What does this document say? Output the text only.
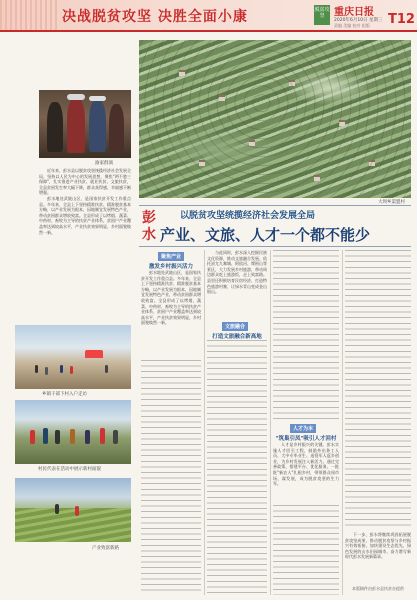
决战脱贫攻坚 决胜全面小康	脱贫攻坚 重庆日报
2020年6月10日 星期三
责编 美编 校对 组版 T12
渝家群演

近年来，彭水县以脱贫攻坚统揽经济社会发展全局，坚持以人民为中心的发展思想，聚焦"两不愁三保障"，扎实推进产业扶贫、就业扶贫、文旅扶贫，全县贫困发生率大幅下降，群众获得感、幸福感不断增强。

彭水地处武陵山区，是国家扶贫开发工作重点县。多年来，全县上下坚持精准扶贫、精准脱贫基本方略，以产业发展为根本，因地制宜发展特色产业，带动贫困群众增收致富。全县形成了以烤烟、蔬菜、中药材、畜牧为主导的扶贫产业体系，贫困户产业覆盖率达到较高水平，产业扶贫效果明显，乡村面貌焕然一新。

大坝乡渠盟村
彭
水
以脱贫攻坚统揽经济社会发展全局
产业、文旅、人才一个都不能少
聚焦产业
激发乡村振兴活力

彭水地处武陵山区，是国家扶贫开发工作重点县。多年来，全县上下坚持精准扶贫、精准脱贫基本方略，以产业发展为根本，因地制宜发展特色产业，带动贫困群众增收致富。全县形成了以烤烟、蔬菜、中药材、畜牧为主导的扶贫产业体系，贫困户产业覆盖率达到较高水平，产业扶贫效果明显，乡村面貌焕然一新。

与此同时，彭水深入挖掘民族文化资源，推动文旅融合发展。依托蚩尤九黎城、阿依河、摩围山等景区，大力发展乡村旅游，带动周边群众吃上旅游饭，走上致富路。县里还积极培育民宿经济，打造特色旅游村寨，让绿水青山变成金山银山。

文旅融合
打造文旅融合新高地
人才为本
"筑巢引凤"吸引人才回村

人才是乡村振兴的关键。彭水实施人才回引工程，鼓励外出务工人员、大中专毕业生、退役军人返乡创业，为乡村发展注入新活力。通过完善政策、搭建平台、优化服务，一批批"新农人"扎根乡村，带领群众闯市场、谋发展，成为脱贫攻坚的生力军。

下一步，彭水将继续巩固拓展脱贫攻坚成果，推动脱贫攻坚与乡村振兴有效衔接，加快建设生态优先、绿色发展的山水田园城市，奋力谱写新时代彭水发展新篇章。

本版稿件由彭水县扶贫办提供
乡镇干部下村入户走访
村民代表在活动中展示新村面貌
产业致富新路
